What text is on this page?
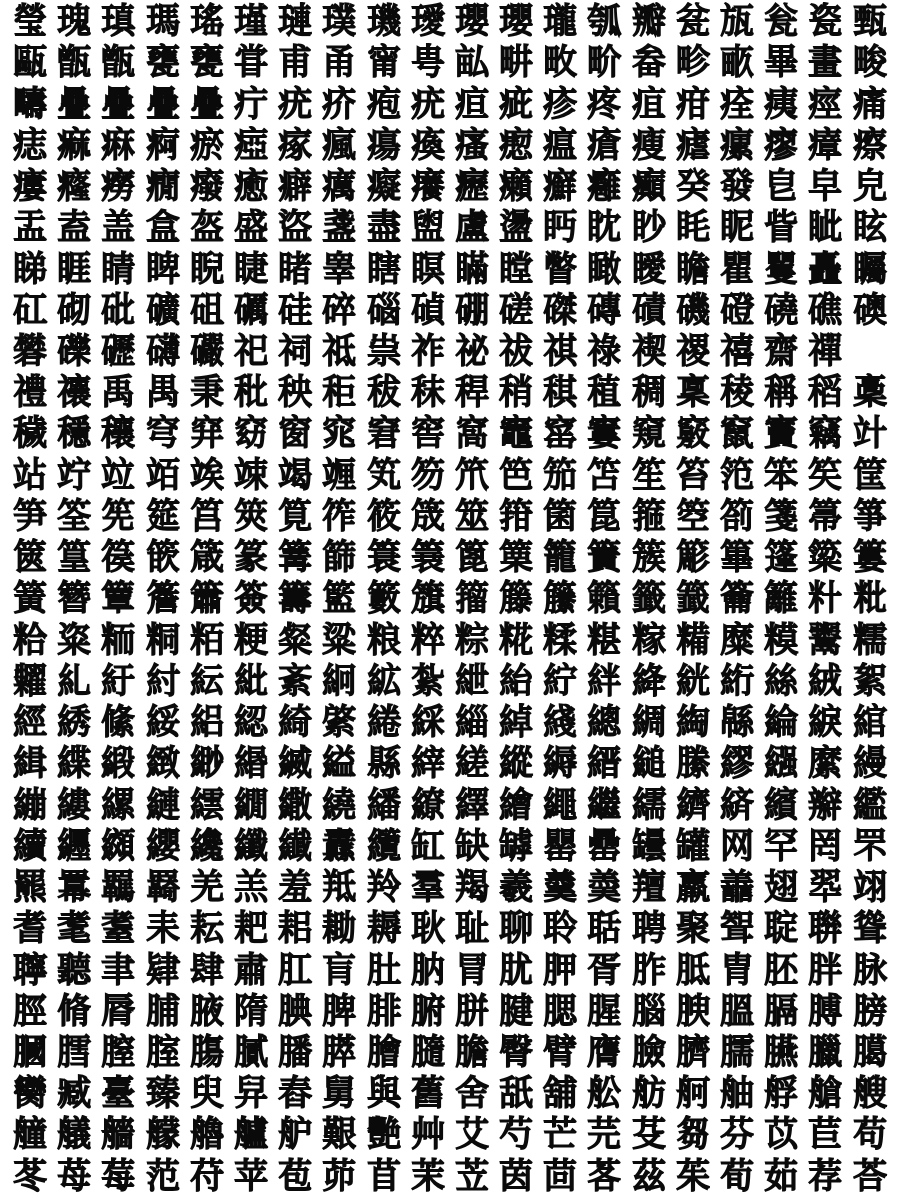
瑩 瑰 瑱 瑪 瑤 瑾 璉 璞 璣 璦 瓔 瓔 瓏 瓠 瓣 瓫 瓬 瓮 瓷 甄
甌 甑 甑 甕 甕 甞 甫 甬 甯 甹 畆 畊 畋 畍 畚 畛 畞 畢 畫 畯
疇 疊 疊 疊 疊 疔 疣 疥 疱 疣 疸 疵 疹 疼 疽 疳 痊 痍 痙 痛
痣 痲 痳 痾 瘀 瘂 瘃 瘋 瘍 瘓 瘙 瘛 瘟 瘡 瘦 瘧 瘰 瘳 瘴 瘵
瘻 癃 癆 癇 癈 癒 癖 癘 癡 癢 癧 癩 癬 癰 癲 癸 發 皀 皁 皃
盂 盍 盖 盒 盔 盛 盜 盞 盡 盥 盧 盪 眄 眈 眇 眊 眤 眥 眦 眩
睇 睚 睛 睥 睨 睫 睹 睾 瞎 瞑 瞞 瞠 瞥 瞰 瞹 瞻 瞿 矍 矗 矚
矼 砌 砒 礦 砠 礪 硅 碎 碯 碵 硼 磋 磔 磚 磧 磯 磴 磽 礁 礇
礬 礫 礰 礴 礹 祀 祠 祗 祟 祚 祕 祓 祺 祿 禊 禝 禧 齋 禪
禮 禳 禹 禺 秉 秕 秧 秬 秡 秣 稈 稍 稘 稙 稠 稟 稜 稱 稻 稾
穢 穩 穰 穹 穽 窈 窗 窕 窘 窖 窩 竈 窰 窶 窺 竅 竄 竇 竊 竍
站 竚 竝 竡 竢 竦 竭 竰 笂 笏 笊 笆 笳 笘 笙 笞 笵 笨 笶 筐
笋 筌 筅 筵 筥 筴 筧 筰 筱 筬 筮 箝 箘 箟 箍 箜 箚 箋 箒 箏
篋 篁 篌 篏 箴 篆 篝 篩 簑 簔 篦 篥 籠 簀 簇 簓 篳 篷 簗 簍
簧 簪 簟 簷 簫 簽 籌 籃 籔 籏 籀 籐 籘 籟 籤 籖 籥 籬 籵 粃
粭 粢 粫 粡 粨 粳 粲 粱 粮 粹 粽 糀 糅 糂 糘 糒 糜 糢 鬻 糯
糶 糺 紆 紂 紜 紕 紊 絅 絋 紮 紲 紿 紵 絆 絳 絖 絎 絲 絨 絮
經 綉 絛 綏 絽 綛 綺 綮 綣 綵 緇 綽 綫 總 綢 綯 緜 綸 綟 綰
緝 緤 緞 緻 緲 緡 縅 縊 縣 縡 縒 縱 縟 縉 縋 縢 繆 繦 縻 縵
繃 縷 縲 縺 繧 繝 繖 繞 繙 繚 繹 繪 繩 繼 繻 纃 緕 繽 辮 繿
續 纒 纐 纓 纔 纖 纎 纛 纜 缸 缺 罅 罌 罍 罎 罐 网 罕 罔 罘
羆 羃 羈 羇 羌 羔 羞 羝 羚 羣 羯 羲 羹 羮 羶 羸 譱 翅 翆 翊
耆 耄 耋 耒 耘 耙 耜 耡 耨 耿 耻 聊 聆 聒 聘 聚 聟 聢 聨 聳
聹 聽 聿 肄 肆 肅 肛 肓 肚 肭 冐 肬 胛 胥 胙 胝 胄 胚 胖 脉
脛 脩 脣 脯 腋 隋 腆 脾 腓 腑 胼 腱 腮 腥 腦 腴 膃 膈 膊 膀
膕 膤 膣 腟 膓 膩 膰 膵 膾 膸 膽 臀 臂 膺 臉 臍 臑 臙 臘 臈
臠 臧 臺 臻 臾 舁 舂 舅 與 舊 舍 舐 舖 舩 舫 舸 舳 艀 艙 艘
艟 艤 艢 艨 艪 艫 舮 艱 艷 艸 艾 芍 芒 芫 芟 芻 芬 苡 苣 苟
苳 苺 莓 范 苻 苹 苞 茆 苜 茉 苙 茵 茴 茖 茲 茱 荀 茹 荐 荅
